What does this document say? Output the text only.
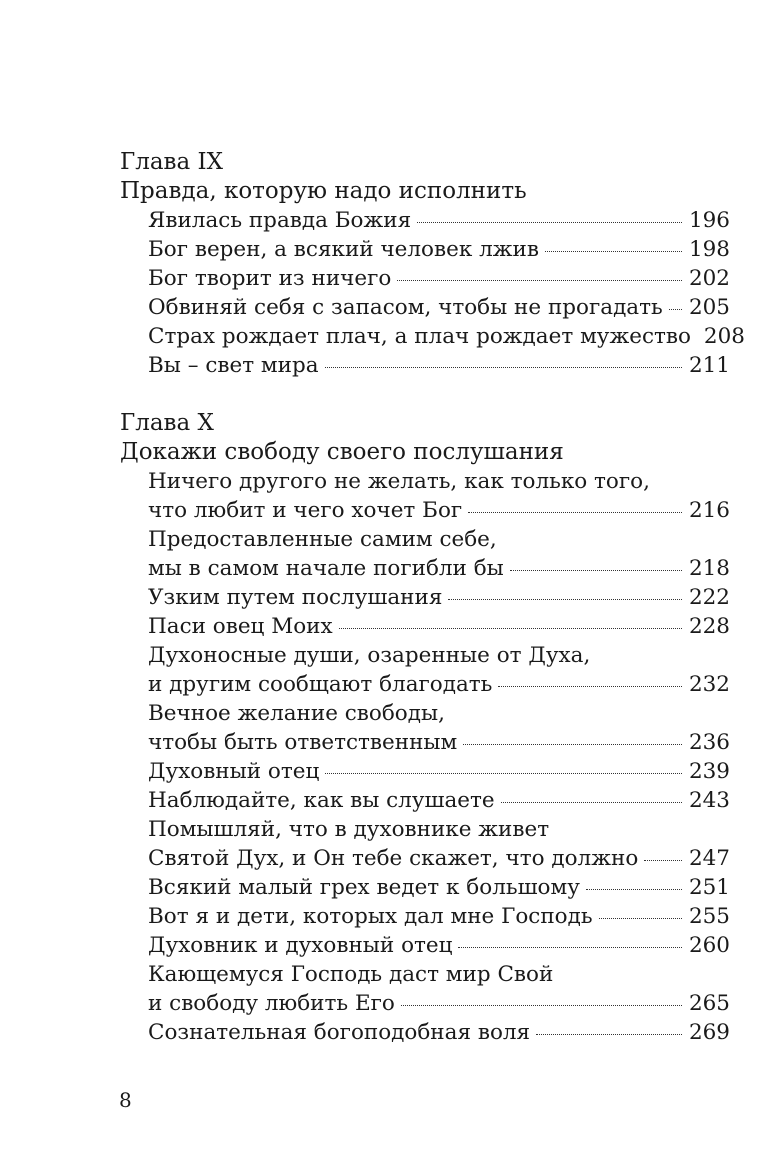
Глава IX
Правда, которую надо исполнить
Явилась правда Божия	196
Бог верен, а всякий человек лжив	198
Бог творит из ничего	202
Обвиняй себя с запасом, чтобы не прогадать 205
Страх рождает плач, а плач рождает мужество 208
Вы – свет мира	211
Глава X
Докажи свободу своего послушания
Ничего другого не желать, как только того,
что любит и чего хочет Бог	216
Предоставленные самим себе,
мы в самом начале погибли бы	218
Узким путем послушания	222
Паси овец Моих	228
Духоносные души, озаренные от Духа,
и другим сообщают благодать	232
Вечное желание свободы,
чтобы быть ответственным	236
Духовный отец	239
Наблюдайте, как вы слушаете	243
Помышляй, что в духовнике живет
Святой Дух, и Он тебе скажет, что должно 247
Всякий малый грех ведет к большому	251
Вот я и дети, которых дал мне Господь	255
Духовник и духовный отец	260
Кающемуся Господь даст мир Свой
и свободу любить Его	265
Сознательная богоподобная воля	269
8
